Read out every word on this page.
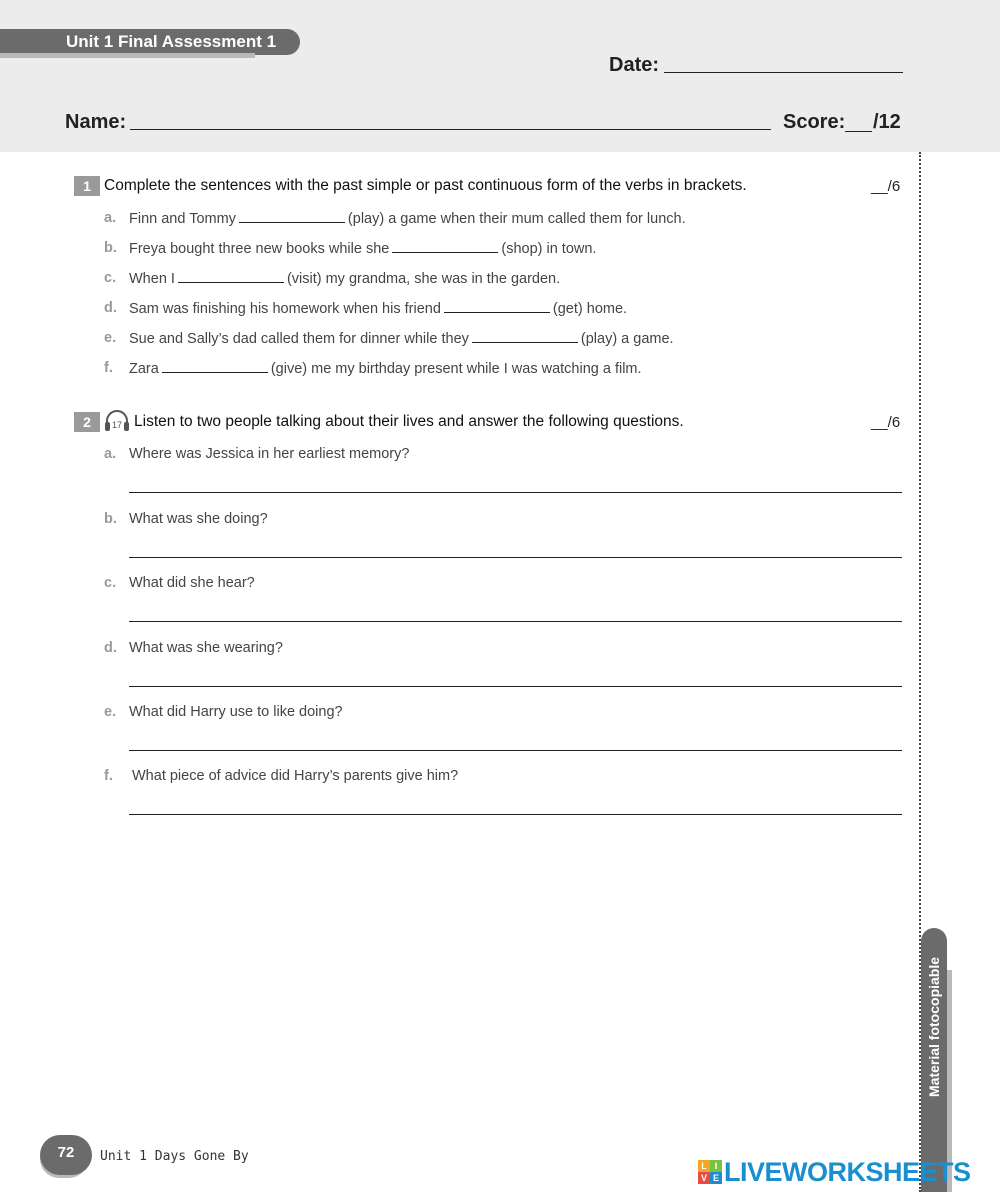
Unit 1 Final Assessment 1
Date:
Name:	Score: /12
1 Complete the sentences with the past simple or past continuous form of the verbs in brackets.	__/6
a. Finn and Tommy	(play) a game when their mum called them for lunch.
b. Freya bought three new books while she	(shop) in town.
c. When I	(visit) my grandma, she was in the garden.
d. Sam was finishing his homework when his friend	(get) home.
e. Sue and Sally’s dad called them for dinner while they	(play) a game.
f. Zara	(give) me my birthday present while I was watching a film.
2	17 Listen to two people talking about their lives and answer the following questions.	__/6
a. Where was Jessica in her earliest memory?
b. What was she doing?
c. What did she hear?
d. What was she wearing?
e. What did Harry use to like doing?
f. What piece of advice did Harry’s parents give him?
72	Unit 1 Days Gone By
L I
V E LIVEWORKSHEETS
